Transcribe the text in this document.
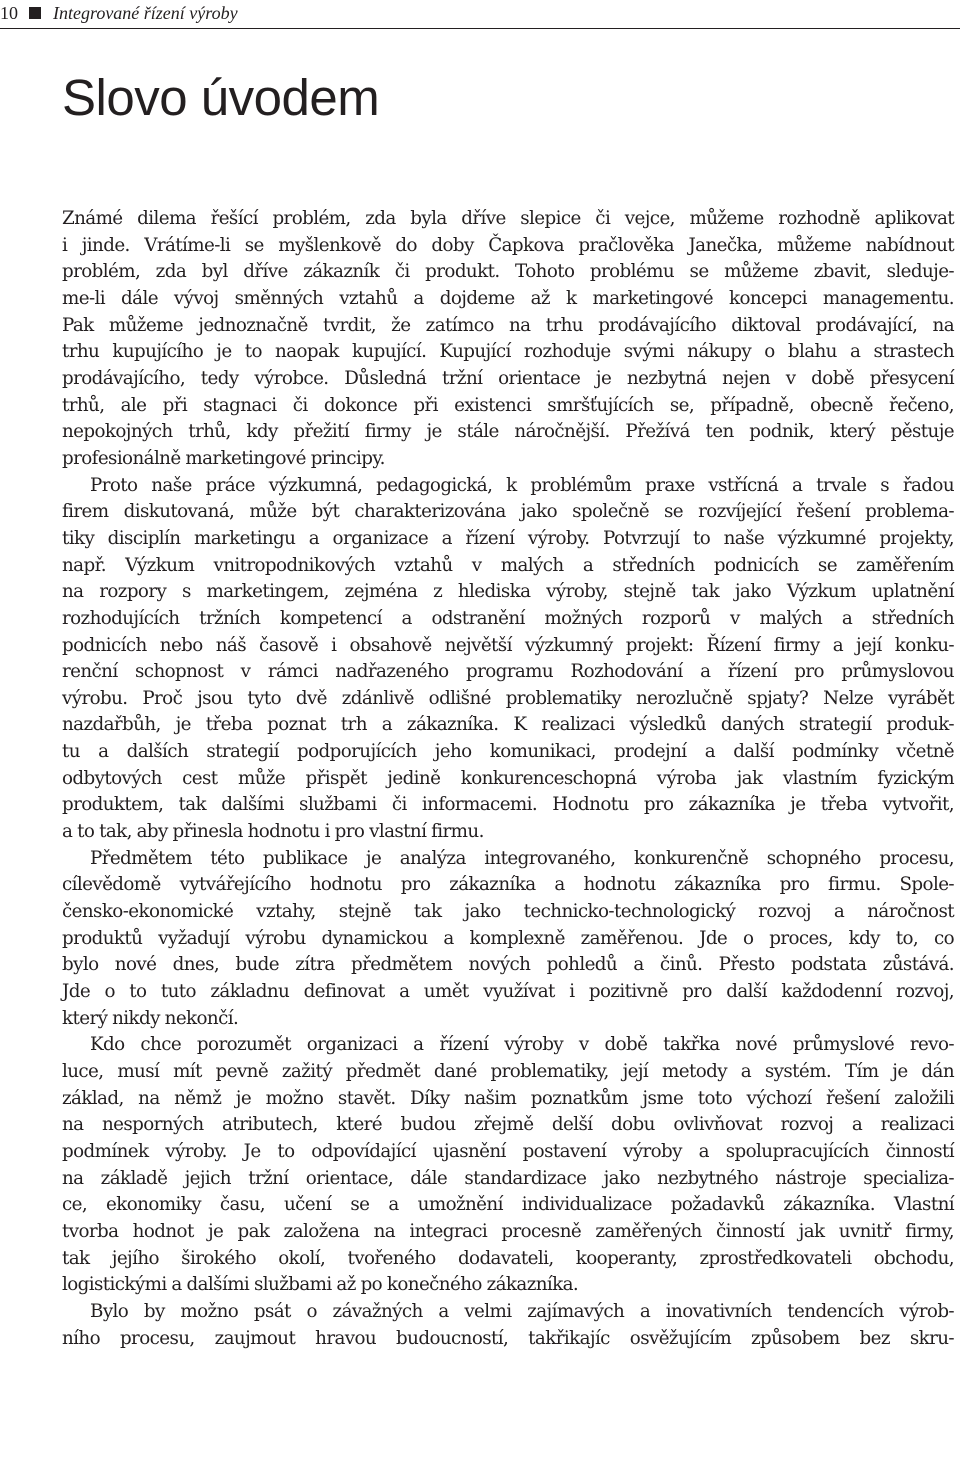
10 Integrované řízení výroby
Slovo úvodem

Známé dilema řešící problém, zda byla dříve slepice či vejce, můžeme rozhodně aplikovat

i jinde. Vrátíme-li se myšlenkově do doby Čapkova pračlověka Janečka, můžeme nabídnout

problém, zda byl dříve zákazník či produkt. Tohoto problému se můžeme zbavit, sleduje-

me-li dále vývoj směnných vztahů a dojdeme až k marketingové koncepci managementu.

Pak můžeme jednoznačně tvrdit, že zatímco na trhu prodávajícího diktoval prodávající, na

trhu kupujícího je to naopak kupující. Kupující rozhoduje svými nákupy o blahu a strastech

prodávajícího, tedy výrobce. Důsledná tržní orientace je nezbytná nejen v době přesycení

trhů, ale při stagnaci či dokonce při existenci smršťujících se, případně, obecně řečeno,

nepokojných trhů, kdy přežití firmy je stále náročnější. Přežívá ten podnik, který pěstuje

profesionálně marketingové principy.

Proto naše práce výzkumná, pedagogická, k problémům praxe vstřícná a trvale s řadou

firem diskutovaná, může být charakterizována jako společně se rozvíjející řešení problema-

tiky disciplín marketingu a organizace a řízení výroby. Potvrzují to naše výzkumné projekty,

např. Výzkum vnitropodnikových vztahů v malých a středních podnicích se zaměřením

na rozpory s marketingem, zejména z hlediska výroby, stejně tak jako Výzkum uplatnění

rozhodujících tržních kompetencí a odstranění možných rozporů v malých a středních

podnicích nebo náš časově i obsahově největší výzkumný projekt: Řízení firmy a její konku-

renční schopnost v rámci nadřazeného programu Rozhodování a řízení pro průmyslovou

výrobu. Proč jsou tyto dvě zdánlivě odlišné problematiky nerozlučně spjaty? Nelze vyrábět

nazdařbůh, je třeba poznat trh a zákazníka. K realizaci výsledků daných strategií produk-

tu a dalších strategií podporujících jeho komunikaci, prodejní a další podmínky včetně

odbytových cest může přispět jedině konkurenceschopná výroba jak vlastním fyzickým

produktem, tak dalšími službami či informacemi. Hodnotu pro zákazníka je třeba vytvořit,

a to tak, aby přinesla hodnotu i pro vlastní firmu.

Předmětem této publikace je analýza integrovaného, konkurenčně schopného procesu,

cílevědomě vytvářejícího hodnotu pro zákazníka a hodnotu zákazníka pro firmu. Spole-

čensko-ekonomické vztahy, stejně tak jako technicko-technologický rozvoj a náročnost

produktů vyžadují výrobu dynamickou a komplexně zaměřenou. Jde o proces, kdy to, co

bylo nové dnes, bude zítra předmětem nových pohledů a činů. Přesto podstata zůstává.

Jde o to tuto základnu definovat a umět využívat i pozitivně pro další každodenní rozvoj,

který nikdy nekončí.

Kdo chce porozumět organizaci a řízení výroby v době takřka nové průmyslové revo-

luce, musí mít pevně zažitý předmět dané problematiky, její metody a systém. Tím je dán

základ, na němž je možno stavět. Díky našim poznatkům jsme toto výchozí řešení založili

na nesporných atributech, které budou zřejmě delší dobu ovlivňovat rozvoj a realizaci

podmínek výroby. Je to odpovídající ujasnění postavení výroby a spolupracujících činností

na základě jejich tržní orientace, dále standardizace jako nezbytného nástroje specializa-

ce, ekonomiky času, učení se a umožnění individualizace požadavků zákazníka. Vlastní

tvorba hodnot je pak založena na integraci procesně zaměřených činností jak uvnitř firmy,

tak jejího širokého okolí, tvořeného dodavateli, kooperanty, zprostředkovateli obchodu,

logistickými a dalšími službami až po konečného zákazníka.

Bylo by možno psát o závažných a velmi zajímavých a inovativních tendencích výrob-

ního procesu, zaujmout hravou budoucností, takřikajíc osvěžujícím způsobem bez skru-
